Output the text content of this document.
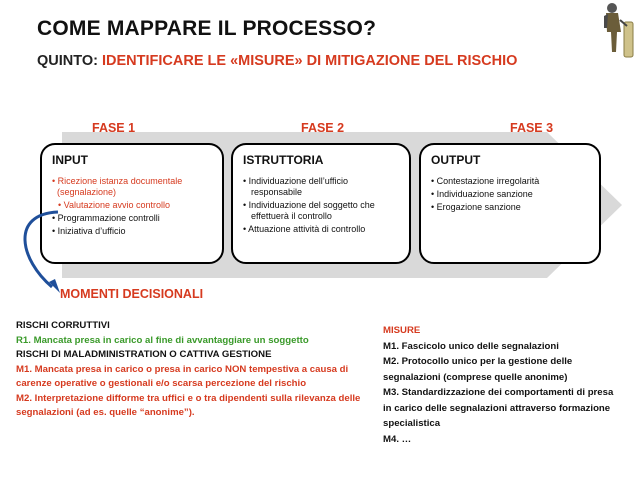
COME MAPPARE IL PROCESSO?
QUINTO: IDENTIFICARE LE «MISURE» DI MITIGAZIONE DEL RISCHIO
FASE 1	FASE 2	FASE 3
INPUT
• Ricezione istanza documentale
(segnalazione)
• Valutazione avvio controllo
• Programmazione controlli
• Iniziativa d’ufficio
ISTRUTTORIA
• Individuazione dell’ufficio responsabile
• Individuazione del soggetto che effettuerà il controllo
• Attuazione attività di controllo
OUTPUT
• Contestazione irregolarità
• Individuazione sanzione
• Erogazione sanzione
MOMENTI DECISIONALI
RISCHI CORRUTTIVI
R1. Mancata presa in carico al fine di avvantaggiare un soggetto
RISCHI DI MALADMINISTRATION O CATTIVA GESTIONE
M1. Mancata presa in carico o presa in carico NON tempestiva a causa di carenze operative o gestionali e/o scarsa percezione del rischio
M2. Interpretazione difforme tra uffici e o tra dipendenti sulla rilevanza delle segnalazioni (ad es. quelle “anonime”).
MISURE
M1. Fascicolo unico delle segnalazioni
M2. Protocollo unico per la gestione delle segnalazioni (comprese quelle anonime)
M3. Standardizzazione dei comportamenti di presa in carico delle segnalazioni attraverso formazione specialistica
M4. …
